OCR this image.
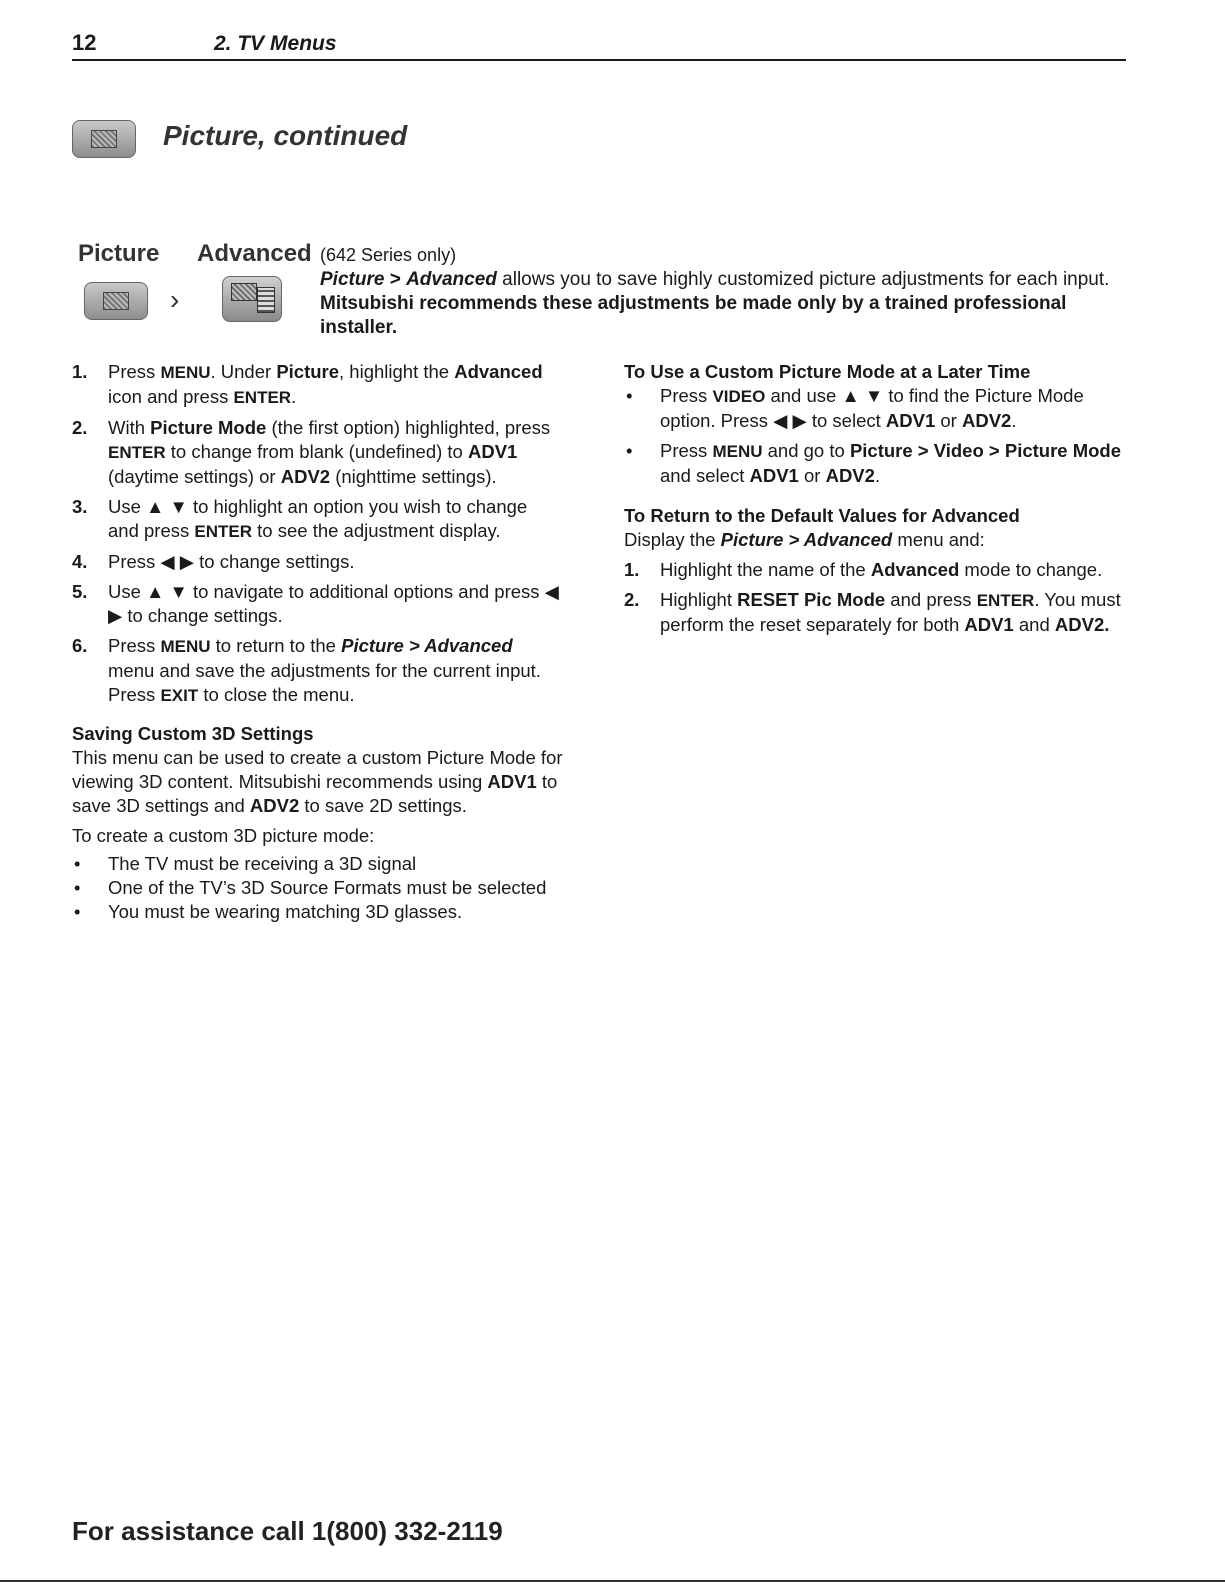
12	2. TV Menus
Picture, continued
Picture Advanced (642 Series only)
›
Picture > Advanced allows you to save highly customized picture adjustments for each input. Mitsubishi recommends these adjustments be made only by a trained professional installer.
1. Press MENU. Under Picture, highlight the Advanced icon and press ENTER.
2. With Picture Mode (the first option) highlighted, press ENTER to change from blank (undefined) to ADV1 (daytime settings) or ADV2 (nighttime settings).
3. Use ▲ ▼ to highlight an option you wish to change and press ENTER to see the adjustment display.
4. Press ◀ ▶ to change settings.
5. Use ▲ ▼ to navigate to additional options and press ◀ ▶ to change settings.
6. Press MENU to return to the Picture > Advanced menu and save the adjustments for the current input. Press EXIT to close the menu.

Saving Custom 3D Settings

This menu can be used to create a custom Picture Mode for viewing 3D content. Mitsubishi recommends using ADV1 to save 3D settings and ADV2 to save 2D settings.

To create a custom 3D picture mode:

• The TV must be receiving a 3D signal
• One of the TV’s 3D Source Formats must be selected
• You must be wearing matching 3D glasses.

To Use a Custom Picture Mode at a Later Time

• Press VIDEO and use ▲ ▼ to find the Picture Mode option. Press ◀ ▶ to select ADV1 or ADV2.
• Press MENU and go to Picture > Video > Picture Mode and select ADV1 or ADV2.

To Return to the Default Values for Advanced

Display the Picture > Advanced menu and:

1. Highlight the name of the Advanced mode to change.
2. Highlight RESET Pic Mode and press ENTER. You must perform the reset separately for both ADV1 and ADV2.
For assistance call 1(800) 332-2119
